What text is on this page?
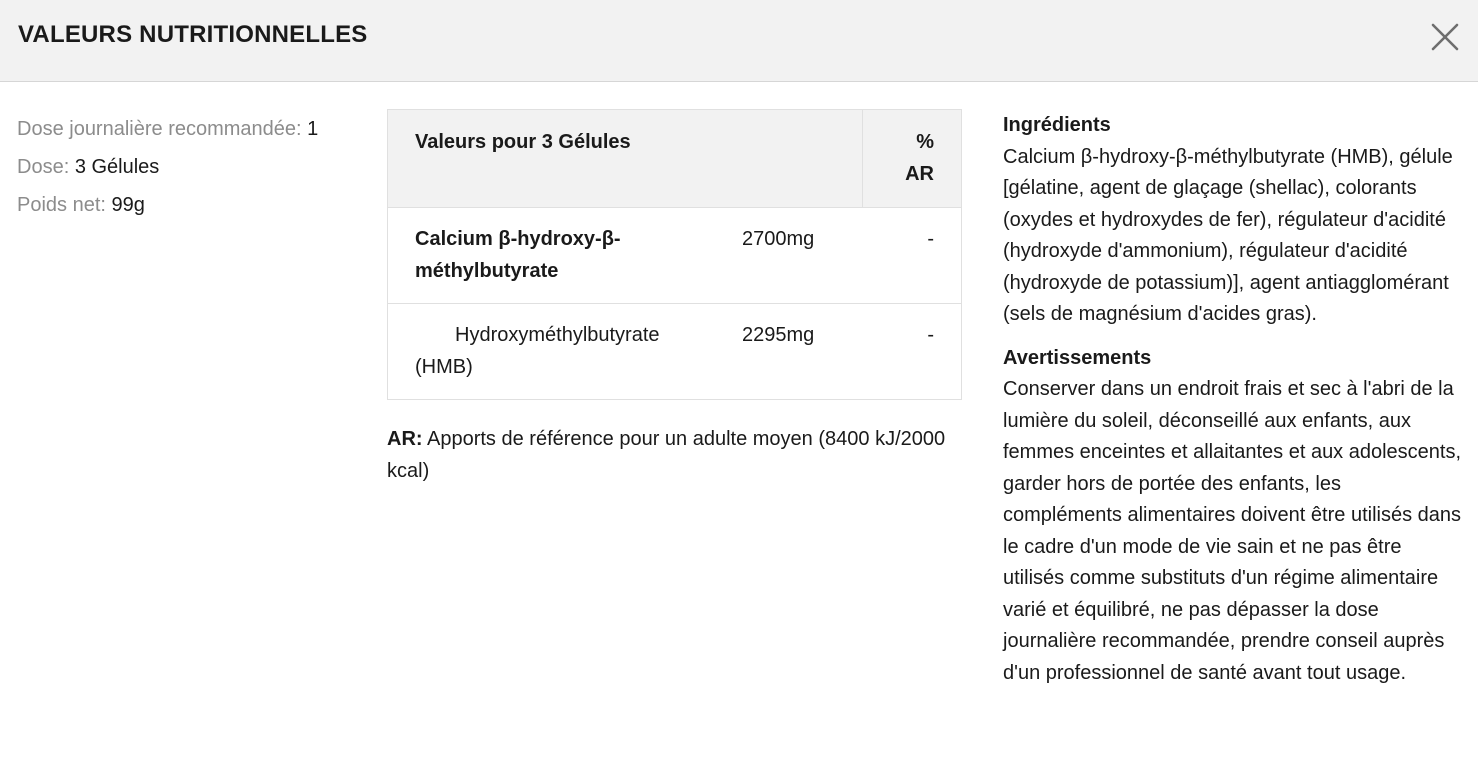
VALEURS NUTRITIONNELLES
Dose journalière recommandée: 1
Dose: 3 Gélules
Poids net: 99g
Valeurs pour 3 Gélules		%
AR
Calcium β-hydroxy-β-méthylbutyrate	2700mg	-
Hydroxyméthylbutyrate (HMB)	2295mg	-
AR: Apports de référence pour un adulte moyen (8400 kJ/2000 kcal)
Ingrédients
Calcium β-hydroxy-β-méthylbutyrate (HMB), gélule [gélatine, agent de glaçage (shellac), colorants (oxydes et hydroxydes de fer), régulateur d'acidité (hydroxyde d'ammonium), régulateur d'acidité (hydroxyde de potassium)], agent antiagglomérant (sels de magnésium d'acides gras).
Avertissements
Conserver dans un endroit frais et sec à l'abri de la lumière du soleil, déconseillé aux enfants, aux femmes enceintes et allaitantes et aux adolescents, garder hors de portée des enfants, les compléments alimentaires doivent être utilisés dans le cadre d'un mode de vie sain et ne pas être utilisés comme substituts d'un régime alimentaire varié et équilibré, ne pas dépasser la dose journalière recommandée, prendre conseil auprès d'un professionnel de santé avant tout usage.
